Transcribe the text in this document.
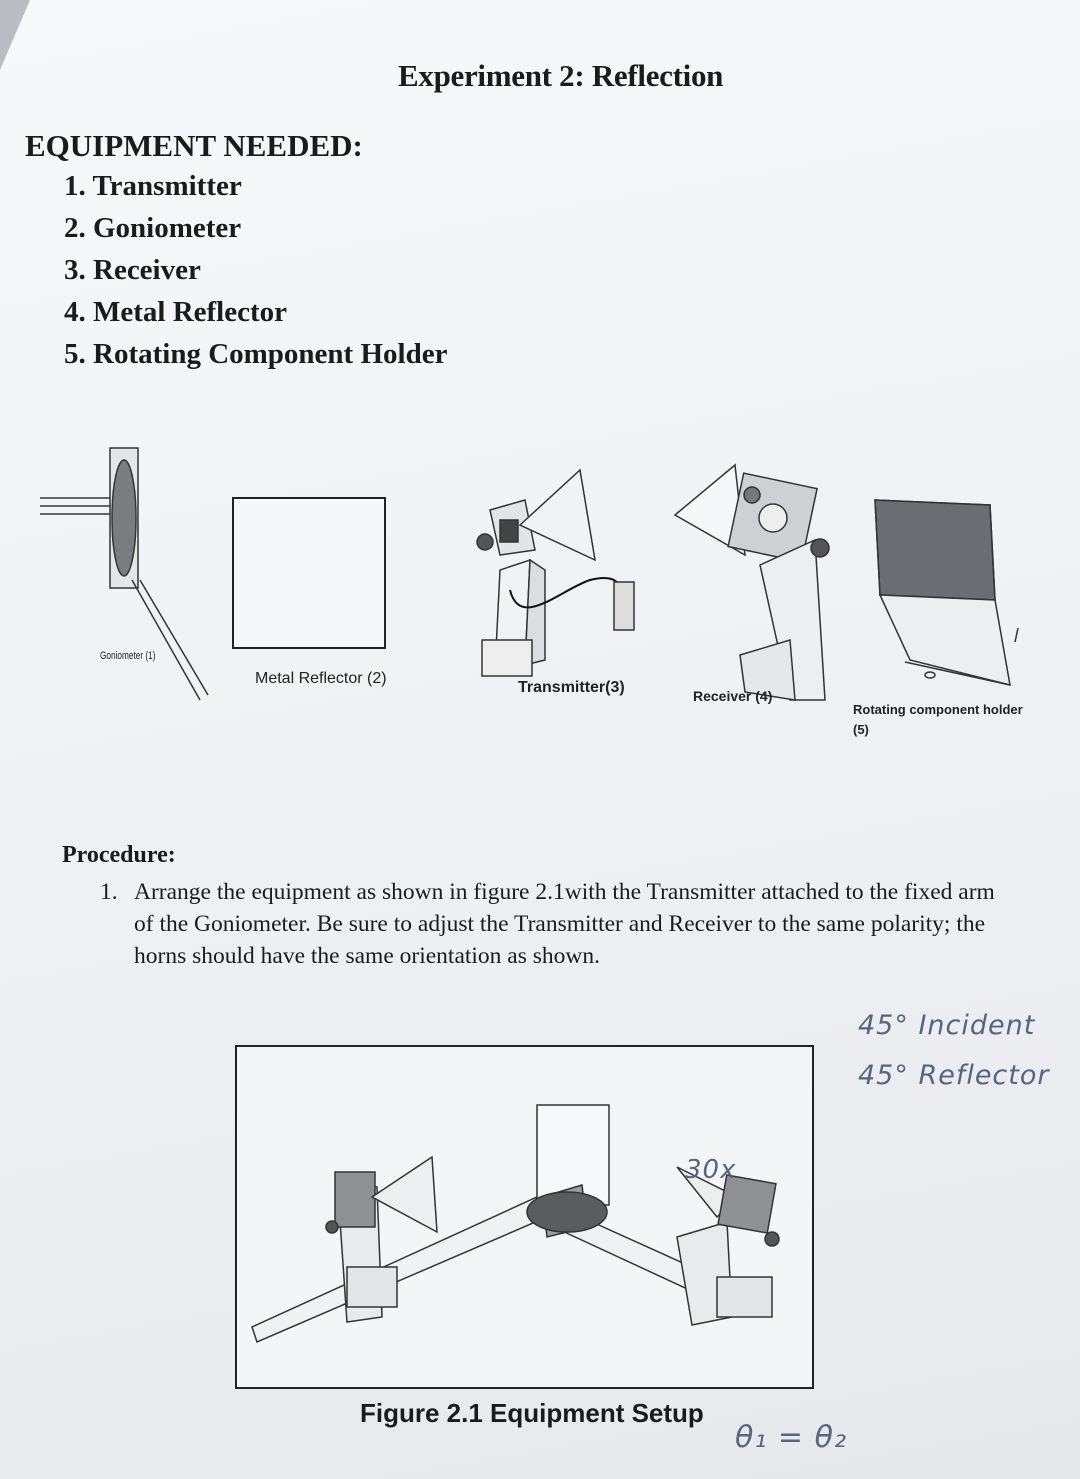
Experiment 2: Reflection
EQUIPMENT NEEDED:
1. Transmitter
2. Goniometer
3. Receiver
4. Metal Reflector
5. Rotating Component Holder
Goniometer (1)
Metal Reflector (2)
Transmitter(3)	Receiver (4)
Rotating component holder
(5)
Procedure:
1. Arrange the equipment as shown in figure 2.1with the Transmitter attached to the fixed arm of the Goniometer. Be sure to adjust the Transmitter and Receiver to the same polarity; the horns should have the same orientation as shown.
30x
Figure 2.1 Equipment Setup
45° Incident
45° Reflector
θ₁ = θ₂
